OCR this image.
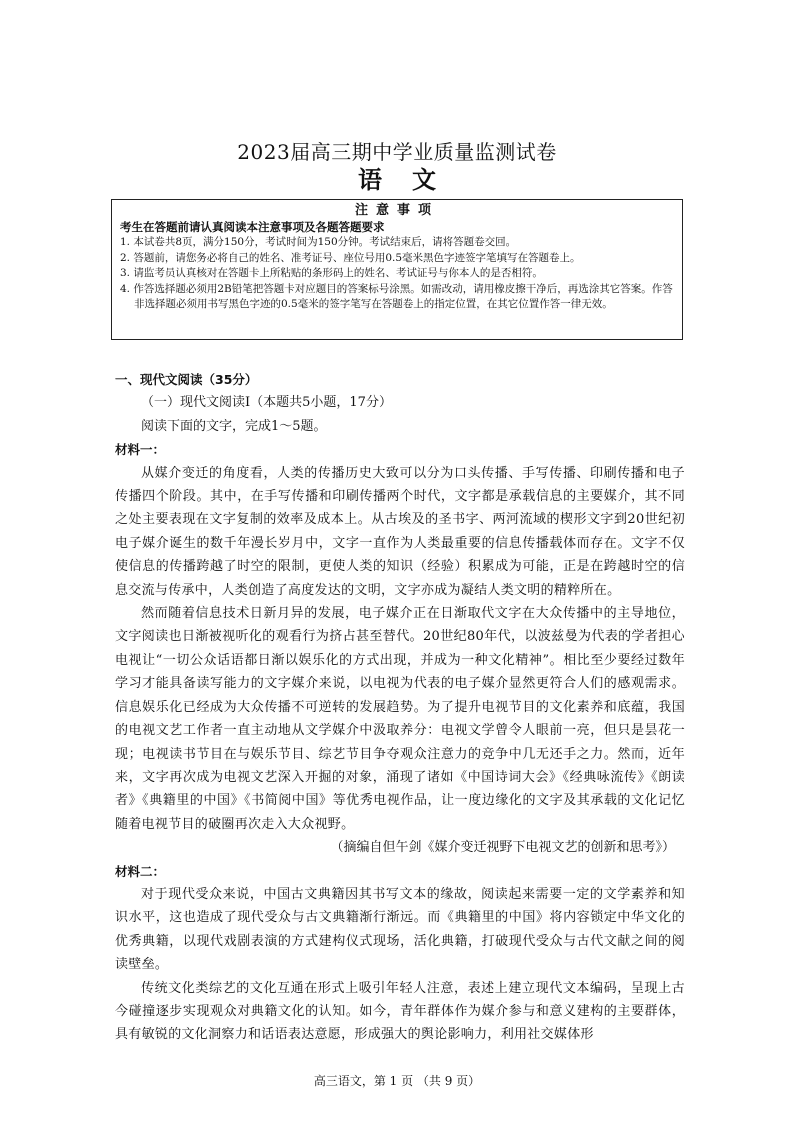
2023届高三期中学业质量监测试卷
语文
注意事项
考生在答题前请认真阅读本注意事项及各题答题要求
1. 本试卷共8页，满分150分，考试时间为150分钟。考试结束后，请将答题卷交回。
2. 答题前，请您务必将自己的姓名、准考证号、座位号用0.5毫米黑色字迹签字笔填写在答题卷上。
3. 请监考员认真核对在答题卡上所粘贴的条形码上的姓名、考试证号与你本人的是否相符。
4. 作答选择题必须用2B铅笔把答题卡对应题目的答案标号涂黑。如需改动，请用橡皮擦干净后，再选涂其它答案。作答非选择题必须用书写黑色字迹的0.5毫米的签字笔写在答题卷上的指定位置，在其它位置作答一律无效。
一、现代文阅读（35分）
（一）现代文阅读Ⅰ（本题共5小题，17分）
阅读下面的文字，完成1～5题。
材料一：
从媒介变迁的角度看，人类的传播历史大致可以分为口头传播、手写传播、印刷传播和电子传播四个阶段。其中，在手写传播和印刷传播两个时代，文字都是承载信息的主要媒介，其不同之处主要表现在文字复制的效率及成本上。从古埃及的圣书字、两河流域的楔形文字到20世纪初电子媒介诞生的数千年漫长岁月中，文字一直作为人类最重要的信息传播载体而存在。文字不仅使信息的传播跨越了时空的限制，更使人类的知识（经验）积累成为可能，正是在跨越时空的信息交流与传承中，人类创造了高度发达的文明，文字亦成为凝结人类文明的精粹所在。
然而随着信息技术日新月异的发展，电子媒介正在日渐取代文字在大众传播中的主导地位，文字阅读也日渐被视听化的观看行为挤占甚至替代。20世纪80年代，以波兹曼为代表的学者担心电视让“一切公众话语都日渐以娱乐化的方式出现，并成为一种文化精神”。相比至少要经过数年学习才能具备读写能力的文字媒介来说，以电视为代表的电子媒介显然更符合人们的感观需求。信息娱乐化已经成为大众传播不可逆转的发展趋势。为了提升电视节目的文化素养和底蕴，我国的电视文艺工作者一直主动地从文学媒介中汲取养分：电视文学曾令人眼前一亮，但只是昙花一现；电视读书节目在与娱乐节目、综艺节目争夺观众注意力的竞争中几无还手之力。然而，近年来，文字再次成为电视文艺深入开掘的对象，涌现了诸如《中国诗词大会》《经典咏流传》《朗读者》《典籍里的中国》《书简阅中国》等优秀电视作品，让一度边缘化的文字及其承载的文化记忆随着电视节目的破圈再次走入大众视野。
（摘编自但午剑《媒介变迁视野下电视文艺的创新和思考》）
材料二：
对于现代受众来说，中国古文典籍因其书写文本的缘故，阅读起来需要一定的文学素养和知识水平，这也造成了现代受众与古文典籍渐行渐远。而《典籍里的中国》将内容锁定中华文化的优秀典籍，以现代戏剧表演的方式建构仪式现场，活化典籍，打破现代受众与古代文献之间的阅读壁垒。
传统文化类综艺的文化互通在形式上吸引年轻人注意，表述上建立现代文本编码，呈现上古今碰撞逐步实现观众对典籍文化的认知。如今，青年群体作为媒介参与和意义建构的主要群体，具有敏锐的文化洞察力和话语表达意愿，形成强大的舆论影响力，利用社交媒体形
高三语文，第 1 页 （共 9 页）
